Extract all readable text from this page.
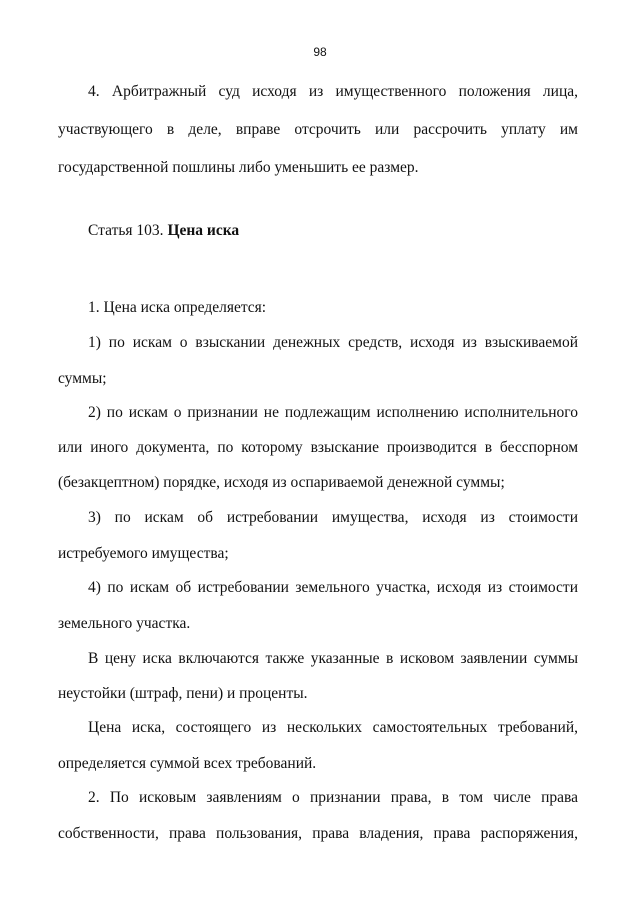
98
4. Арбитражный суд исходя из имущественного положения лица,
участвующего в деле, вправе отсрочить или рассрочить уплату им
государственной пошлины либо уменьшить ее размер.
Статья 103. Цена иска
1. Цена иска определяется:
1) по искам о взыскании денежных средств, исходя из взыскиваемой
суммы;
2) по искам о признании не подлежащим исполнению исполнительного
или иного документа, по которому взыскание производится в бесспорном
(безакцептном) порядке, исходя из оспариваемой денежной суммы;
3) по искам об истребовании имущества, исходя из стоимости
истребуемого имущества;
4) по искам об истребовании земельного участка, исходя из стоимости
земельного участка.
В цену иска включаются также указанные в исковом заявлении суммы
неустойки (штраф, пени) и проценты.
Цена иска, состоящего из нескольких самостоятельных требований,
определяется суммой всех требований.
2. По исковым заявлениям о признании права, в том числе права
собственности, права пользования, права владения, права распоряжения,
